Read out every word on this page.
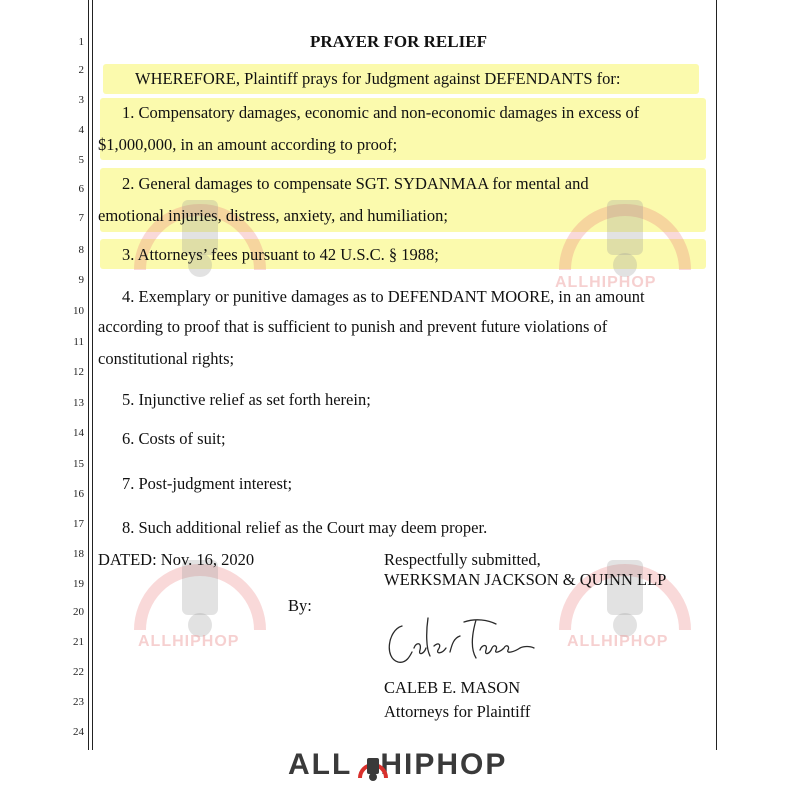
1
2
3
4
5
6
7
8
9
10
11
12
13
14
15
16
17
18
19
20
21
22
23
24
ALLHIPHOP
ALLHIPHOP	ALLHIPHOP
PRAYER FOR RELIEF
WHEREFORE, Plaintiff prays for Judgment against DEFENDANTS for:
1. Compensatory damages, economic and non-economic damages in excess of
$1,000,000, in an amount according to proof;
2. General damages to compensate SGT. SYDANMAA for mental and
emotional injuries, distress, anxiety, and humiliation;
3. Attorneys’ fees pursuant to 42 U.S.C. § 1988;
4. Exemplary or punitive damages as to DEFENDANT MOORE, in an amount
according to proof that is sufficient to punish and prevent future violations of
constitutional rights;
5. Injunctive relief as set forth herein;
6. Costs of suit;
7. Post-judgment interest;
8. Such additional relief as the Court may deem proper.
DATED: Nov. 16, 2020	Respectfully submitted,
WERKSMAN JACKSON & QUINN LLP
By:
CALEB E. MASON
Attorneys for Plaintiff
ALL HIPHOP
